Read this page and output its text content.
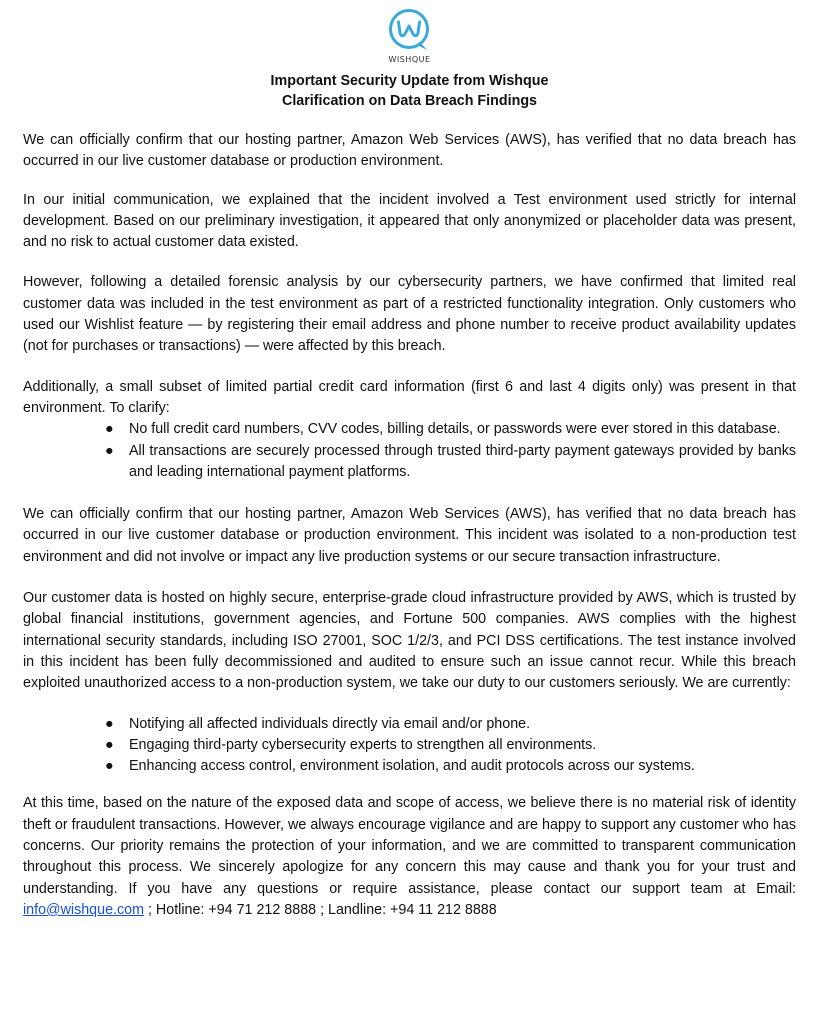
WISHQUE
Important Security Update from Wishque
Clarification on Data Breach Findings

We can officially confirm that our hosting partner, Amazon Web Services (AWS), has verified that no data breach has occurred in our live customer database or production environment.

In our initial communication, we explained that the incident involved a Test environment used strictly for internal development. Based on our preliminary investigation, it appeared that only anonymized or placeholder data was present, and no risk to actual customer data existed.

However, following a detailed forensic analysis by our cybersecurity partners, we have confirmed that limited real customer data was included in the test environment as part of a restricted functionality integration. Only customers who used our Wishlist feature — by registering their email address and phone number to receive product availability updates (not for purchases or transactions) — were affected by this breach.

Additionally, a small subset of limited partial credit card information (first 6 and last 4 digits only) was present in that environment. To clarify:

● No full credit card numbers, CVV codes, billing details, or passwords were ever stored in this database.
● All transactions are securely processed through trusted third-party payment gateways provided by banks and leading international payment platforms.

We can officially confirm that our hosting partner, Amazon Web Services (AWS), has verified that no data breach has occurred in our live customer database or production environment. This incident was isolated to a non-production test environment and did not involve or impact any live production systems or our secure transaction infrastructure.

Our customer data is hosted on highly secure, enterprise-grade cloud infrastructure provided by AWS, which is trusted by global financial institutions, government agencies, and Fortune 500 companies. AWS complies with the highest international security standards, including ISO 27001, SOC 1/2/3, and PCI DSS certifications. The test instance involved in this incident has been fully decommissioned and audited to ensure such an issue cannot recur. While this breach exploited unauthorized access to a non-production system, we take our duty to our customers seriously. We are currently:

● Notifying all affected individuals directly via email and/or phone.
● Engaging third-party cybersecurity experts to strengthen all environments.
● Enhancing access control, environment isolation, and audit protocols across our systems.

At this time, based on the nature of the exposed data and scope of access, we believe there is no material risk of identity theft or fraudulent transactions. However, we always encourage vigilance and are happy to support any customer who has concerns. Our priority remains the protection of your information, and we are committed to transparent communication throughout this process. We sincerely apologize for any concern this may cause and thank you for your trust and understanding. If you have any questions or require assistance, please contact our support team at Email: info@wishque.com ; Hotline: +94 71 212 8888 ; Landline: +94 11 212 8888
